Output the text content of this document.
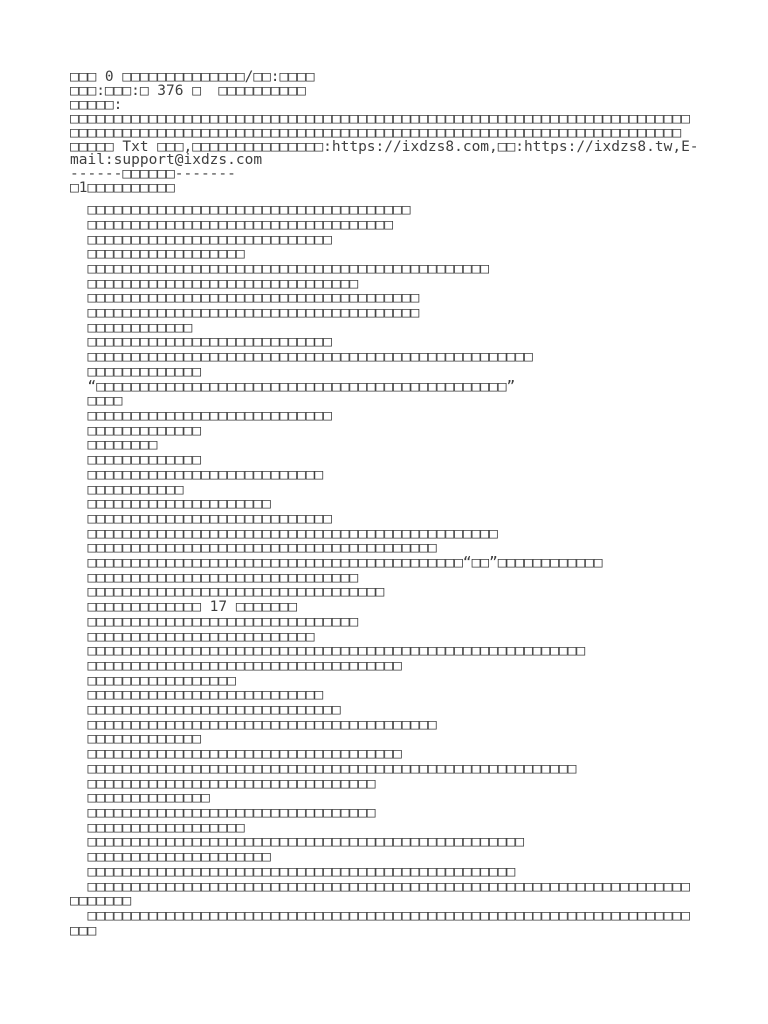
□□□ 0 □□□□□□□□□□□□□□/□□:□□□□
□□□:□□□:□ 376 □  □□□□□□□□□□
□□□□□:
□□□□□□□□□□□□□□□□□□□□□□□□□□□□□□□□□□□□□□□□□□□□□□□□□□□□□□□□□□□□□□□□□□□□□□□
□□□□□□□□□□□□□□□□□□□□□□□□□□□□□□□□□□□□□□□□□□□□□□□□□□□□□□□□□□□□□□□□□□□□□□
□□□□□ Txt □□□,□□□□□□□□□□□□□□□:https://ixdzs8.com,□□:https://ixdzs8.tw,E-
mail:support@ixdzs.com
------□□□□□□-------
□1□□□□□□□□□□
□□□□□□□□□□□□□□□□□□□□□□□□□□□□□□□□□□□□□
□□□□□□□□□□□□□□□□□□□□□□□□□□□□□□□□□□□
□□□□□□□□□□□□□□□□□□□□□□□□□□□□
□□□□□□□□□□□□□□□□□□
□□□□□□□□□□□□□□□□□□□□□□□□□□□□□□□□□□□□□□□□□□□□□□
□□□□□□□□□□□□□□□□□□□□□□□□□□□□□□□
□□□□□□□□□□□□□□□□□□□□□□□□□□□□□□□□□□□□□□
□□□□□□□□□□□□□□□□□□□□□□□□□□□□□□□□□□□□□□
□□□□□□□□□□□□
□□□□□□□□□□□□□□□□□□□□□□□□□□□□
□□□□□□□□□□□□□□□□□□□□□□□□□□□□□□□□□□□□□□□□□□□□□□□□□□□
□□□□□□□□□□□□□
“□□□□□□□□□□□□□□□□□□□□□□□□□□□□□□□□□□□□□□□□□□□□□□□”
□□□□
□□□□□□□□□□□□□□□□□□□□□□□□□□□□
□□□□□□□□□□□□□
□□□□□□□□
□□□□□□□□□□□□□
□□□□□□□□□□□□□□□□□□□□□□□□□□□
□□□□□□□□□□□
□□□□□□□□□□□□□□□□□□□□□
□□□□□□□□□□□□□□□□□□□□□□□□□□□□
□□□□□□□□□□□□□□□□□□□□□□□□□□□□□□□□□□□□□□□□□□□□□□□
□□□□□□□□□□□□□□□□□□□□□□□□□□□□□□□□□□□□□□□□
□□□□□□□□□□□□□□□□□□□□□□□□□□□□□□□□□□□□□□□□□□□“□□”□□□□□□□□□□□□
□□□□□□□□□□□□□□□□□□□□□□□□□□□□□□□
□□□□□□□□□□□□□□□□□□□□□□□□□□□□□□□□□□
□□□□□□□□□□□□□ 17 □□□□□□□
□□□□□□□□□□□□□□□□□□□□□□□□□□□□□□□
□□□□□□□□□□□□□□□□□□□□□□□□□□
□□□□□□□□□□□□□□□□□□□□□□□□□□□□□□□□□□□□□□□□□□□□□□□□□□□□□□□□□
□□□□□□□□□□□□□□□□□□□□□□□□□□□□□□□□□□□□
□□□□□□□□□□□□□□□□□
□□□□□□□□□□□□□□□□□□□□□□□□□□□
□□□□□□□□□□□□□□□□□□□□□□□□□□□□□
□□□□□□□□□□□□□□□□□□□□□□□□□□□□□□□□□□□□□□□□
□□□□□□□□□□□□□
□□□□□□□□□□□□□□□□□□□□□□□□□□□□□□□□□□□□
□□□□□□□□□□□□□□□□□□□□□□□□□□□□□□□□□□□□□□□□□□□□□□□□□□□□□□□□
□□□□□□□□□□□□□□□□□□□□□□□□□□□□□□□□□
□□□□□□□□□□□□□□
□□□□□□□□□□□□□□□□□□□□□□□□□□□□□□□□□
□□□□□□□□□□□□□□□□□□
□□□□□□□□□□□□□□□□□□□□□□□□□□□□□□□□□□□□□□□□□□□□□□□□□□
□□□□□□□□□□□□□□□□□□□□□
□□□□□□□□□□□□□□□□□□□□□□□□□□□□□□□□□□□□□□□□□□□□□□□□□
□□□□□□□□□□□□□□□□□□□□□□□□□□□□□□□□□□□□□□□□□□□□□□□□□□□□□□□□□□□□□□□□□□□□□
□□□□□□□
□□□□□□□□□□□□□□□□□□□□□□□□□□□□□□□□□□□□□□□□□□□□□□□□□□□□□□□□□□□□□□□□□□□□□
□□□
